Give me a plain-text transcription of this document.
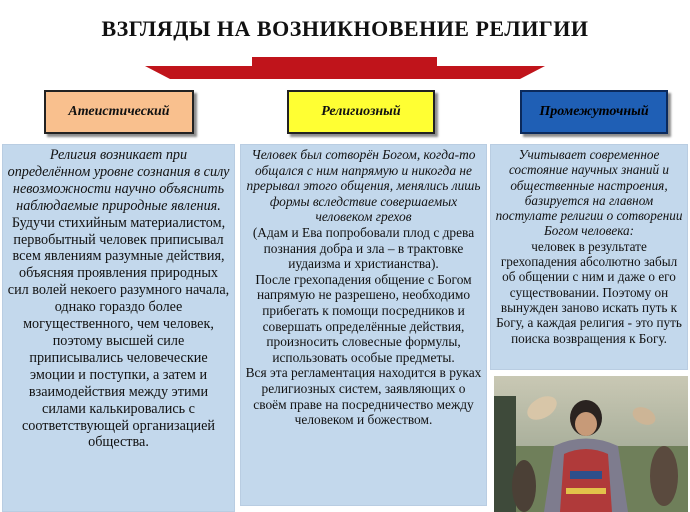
ВЗГЛЯДЫ НА ВОЗНИКНОВЕНИЕ РЕЛИГИИ
Атеистический	Религиозный	Промежуточный
Религия возникает при определённом уровне сознания в силу невозможности научно объяснить наблюдаемые природные явления.
Будучи стихийным материалистом, первобытный человек приписывал всем явлениям разумные действия, объясняя проявления природных сил волей некоего разумного начала, однако гораздо более могущественного, чем человек, поэтому высшей силе приписывались человеческие эмоции и поступки, а затем и взаимодействия между этими силами калькировались с соответствующей организацией общества.
Человек был сотворён Богом, когда-то общался с ним напрямую и никогда не прерывал этого общения, менялись лишь формы вследствие совершаемых человеком грехов
(Адам и Ева попробовали плод с древа познания добра и зла – в трактовке иудаизма и христианства).
После грехопадения общение с Богом напрямую не разрешено, необходимо прибегать к помощи посредников и совершать определённые действия, произносить словесные формулы, использовать особые предметы.
Вся эта регламентация находится в руках религиозных систем, заявляющих о своём праве на посредничество между человеком и божеством.
Учитывает современное состояние научных знаний и общественные настроения, базируется на главном постулате религии о сотворении Богом человека:
человек в результате грехопадения абсолютно забыл об общении с ним и даже о его существовании. Поэтому он вынужден заново искать путь к Богу, а каждая религия - это путь поиска возвращения к Богу.
